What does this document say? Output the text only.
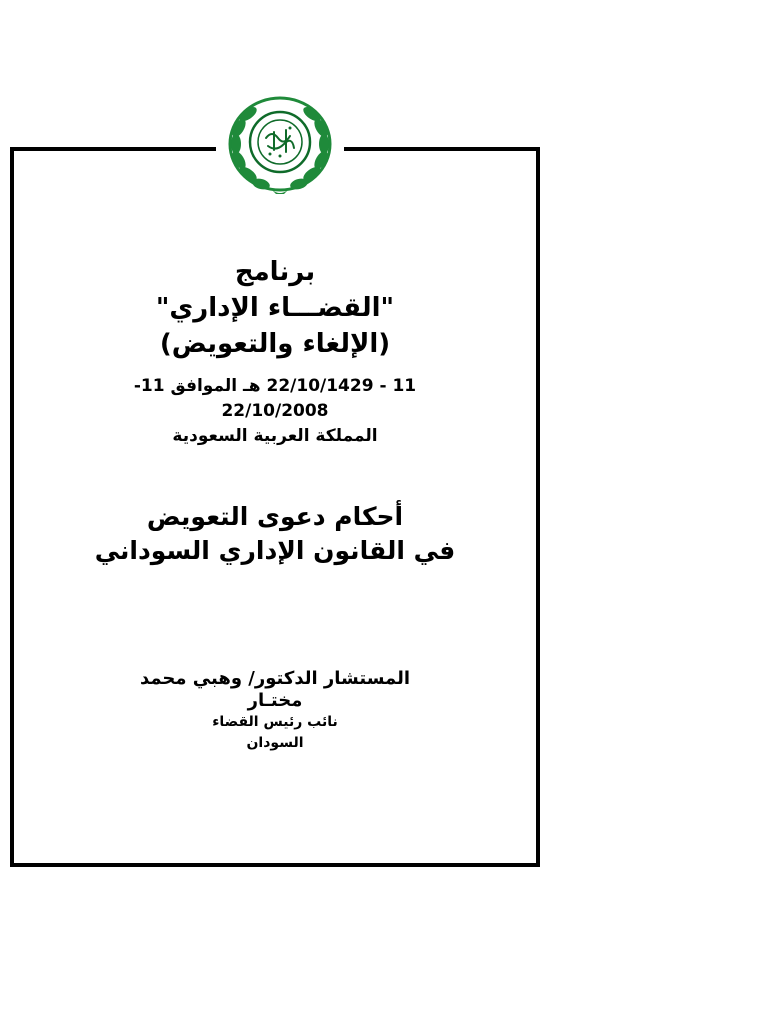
برنامج
"القضـــاء الإداري"
(الإلغاء والتعويض)
11 - 22/10/1429 هـ الموافق 11-
22/10/2008
المملكة العربية السعودية
أحكام دعوى التعويض
في القانون الإداري السوداني
المستشار الدكتور/ وهبي محمد
مختـار
نائب رئيس القضاء
السودان
